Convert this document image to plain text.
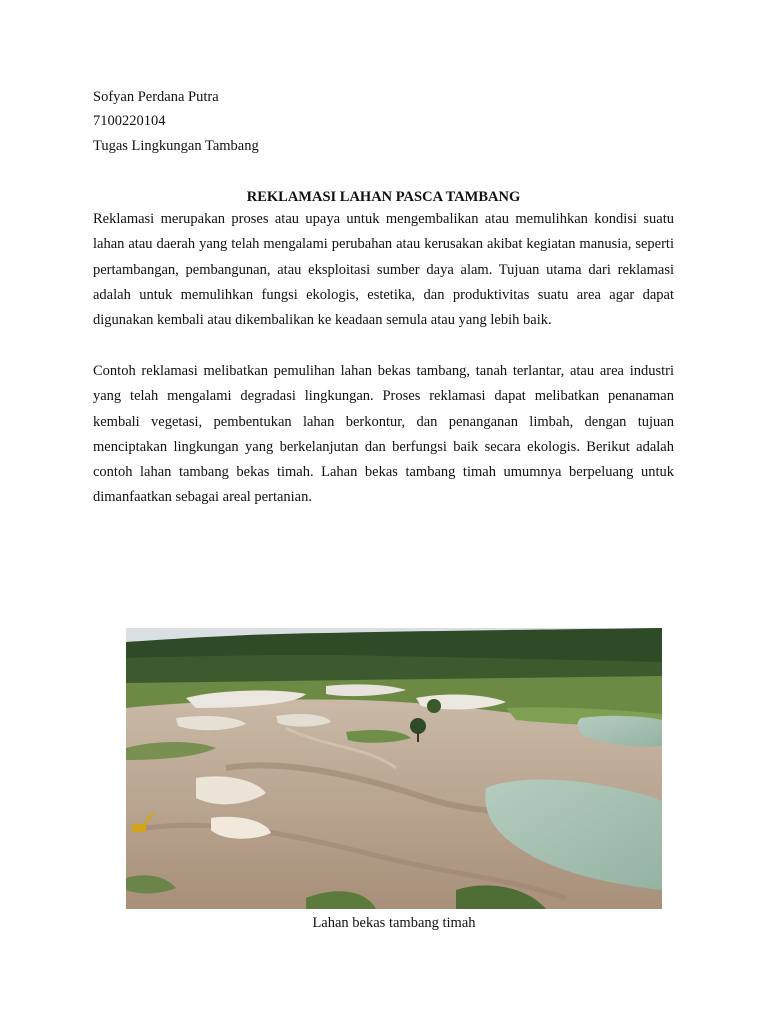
Sofyan Perdana Putra
7100220104
Tugas Lingkungan Tambang
REKLAMASI LAHAN PASCA TAMBANG

Reklamasi merupakan proses atau upaya untuk mengembalikan atau memulihkan kondisi suatu lahan atau daerah yang telah mengalami perubahan atau kerusakan akibat kegiatan manusia, seperti pertambangan, pembangunan, atau eksploitasi sumber daya alam. Tujuan utama dari reklamasi adalah untuk memulihkan fungsi ekologis, estetika, dan produktivitas suatu area agar dapat digunakan kembali atau dikembalikan ke keadaan semula atau yang lebih baik.

Contoh reklamasi melibatkan pemulihan lahan bekas tambang, tanah terlantar, atau area industri yang telah mengalami degradasi lingkungan. Proses reklamasi dapat melibatkan penanaman kembali vegetasi, pembentukan lahan berkontur, dan penanganan limbah, dengan tujuan menciptakan lingkungan yang berkelanjutan dan berfungsi baik secara ekologis. Berikut adalah contoh lahan tambang bekas timah. Lahan bekas tambang timah umumnya berpeluang untuk dimanfaatkan sebagai areal pertanian.

Lahan bekas tambang timah
